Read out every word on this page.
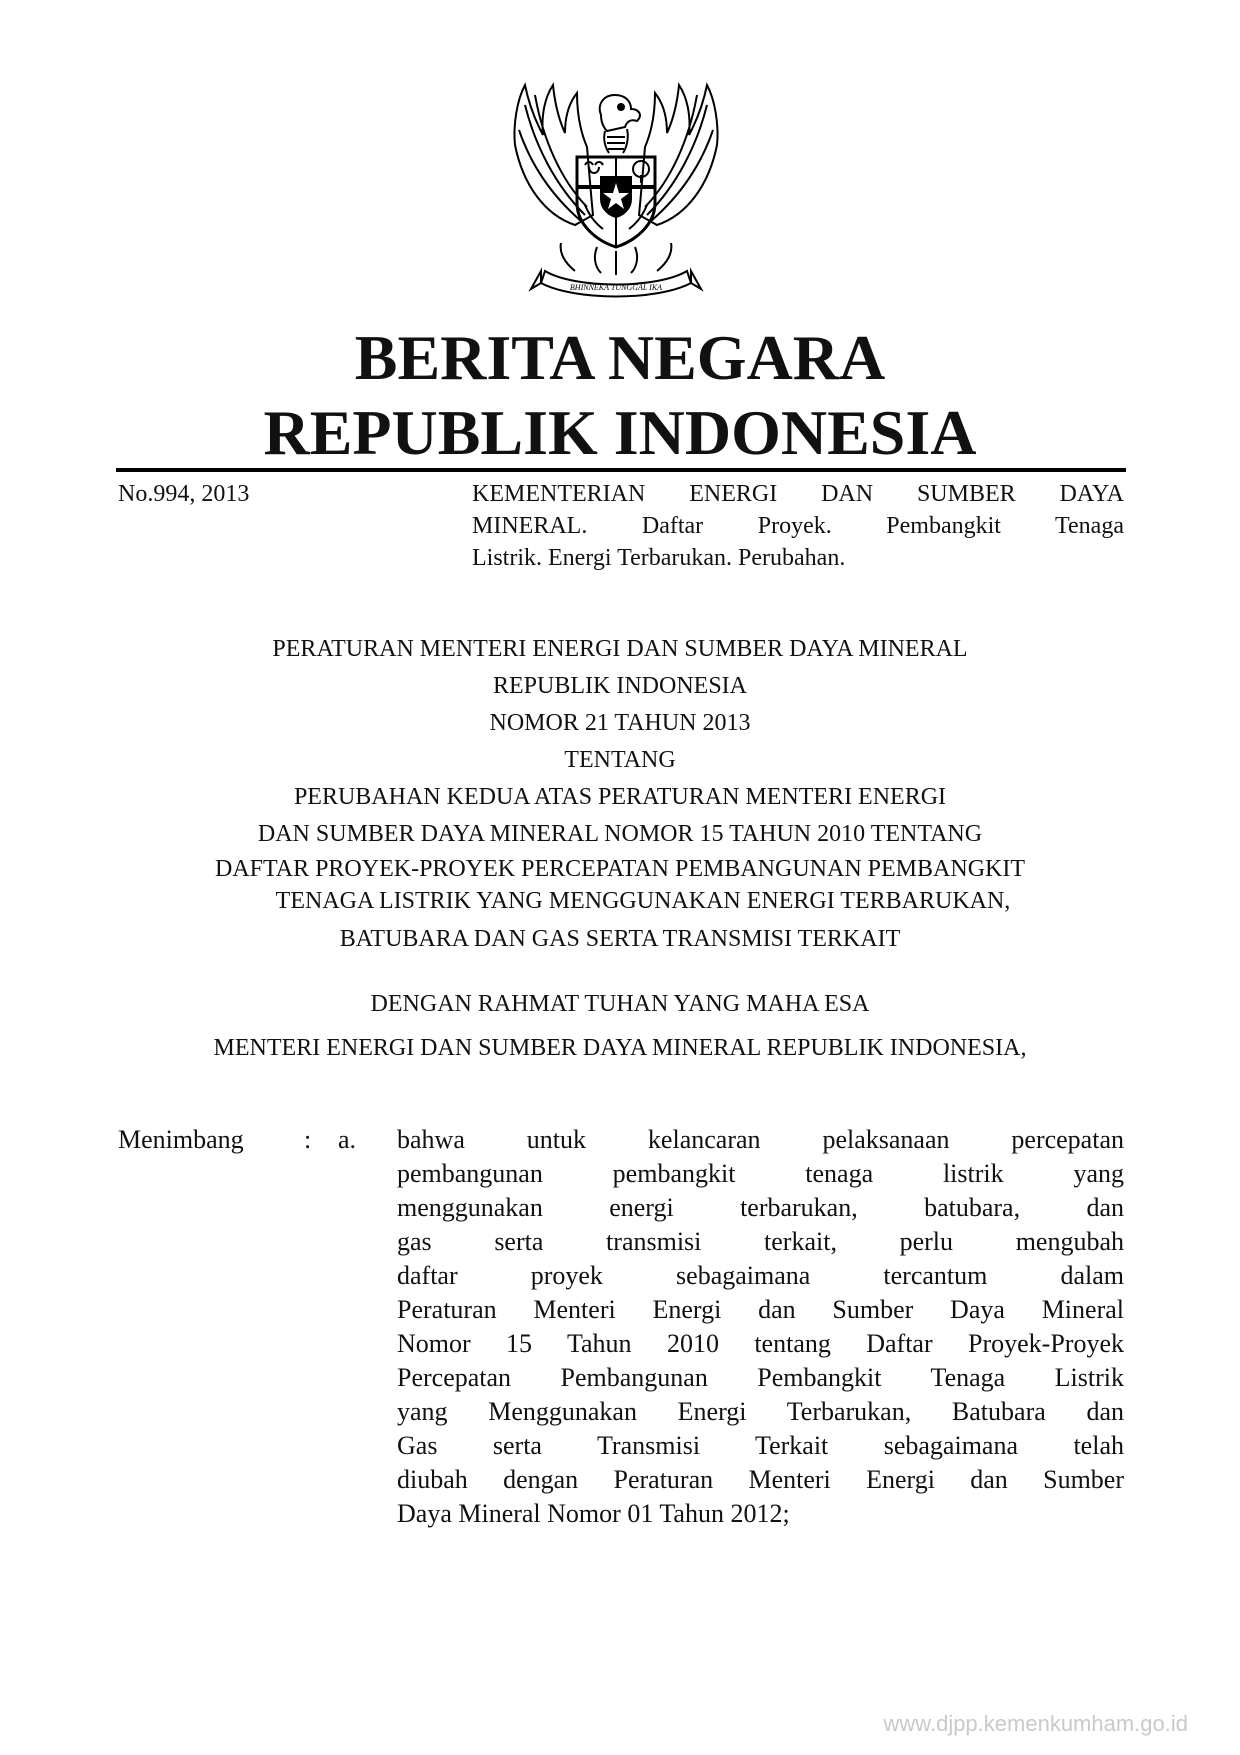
BHINNEKA TUNGGAL IKA
BERITA NEGARA
REPUBLIK INDONESIA
No.994, 2013	KEMENTERIAN ENERGI DAN SUMBER DAYA
MINERAL. Daftar Proyek. Pembangkit Tenaga
Listrik. Energi Terbarukan. Perubahan.
PERATURAN MENTERI ENERGI DAN SUMBER DAYA MINERAL
REPUBLIK INDONESIA
NOMOR 21 TAHUN 2013
TENTANG
PERUBAHAN KEDUA ATAS PERATURAN MENTERI ENERGI
DAN SUMBER DAYA MINERAL NOMOR 15 TAHUN 2010 TENTANG
DAFTAR PROYEK-PROYEK PERCEPATAN PEMBANGUNAN PEMBANGKIT
TENAGA LISTRIK YANG MENGGUNAKAN ENERGI TERBARUKAN,
BATUBARA DAN GAS SERTA TRANSMISI TERKAIT
DENGAN RAHMAT TUHAN YANG MAHA ESA
MENTERI ENERGI DAN SUMBER DAYA MINERAL REPUBLIK INDONESIA,
Menimbang : a. bahwa untuk kelancaran pelaksanaan percepatan
pembangunan pembangkit tenaga listrik yang
menggunakan energi terbarukan, batubara, dan
gas serta transmisi terkait, perlu mengubah
daftar proyek sebagaimana tercantum dalam
Peraturan Menteri Energi dan Sumber Daya Mineral
Nomor 15 Tahun 2010 tentang Daftar Proyek-Proyek
Percepatan Pembangunan Pembangkit Tenaga Listrik
yang Menggunakan Energi Terbarukan, Batubara dan
Gas serta Transmisi Terkait sebagaimana telah
diubah dengan Peraturan Menteri Energi dan Sumber
Daya Mineral Nomor 01 Tahun 2012;
www.djpp.kemenkumham.go.id
